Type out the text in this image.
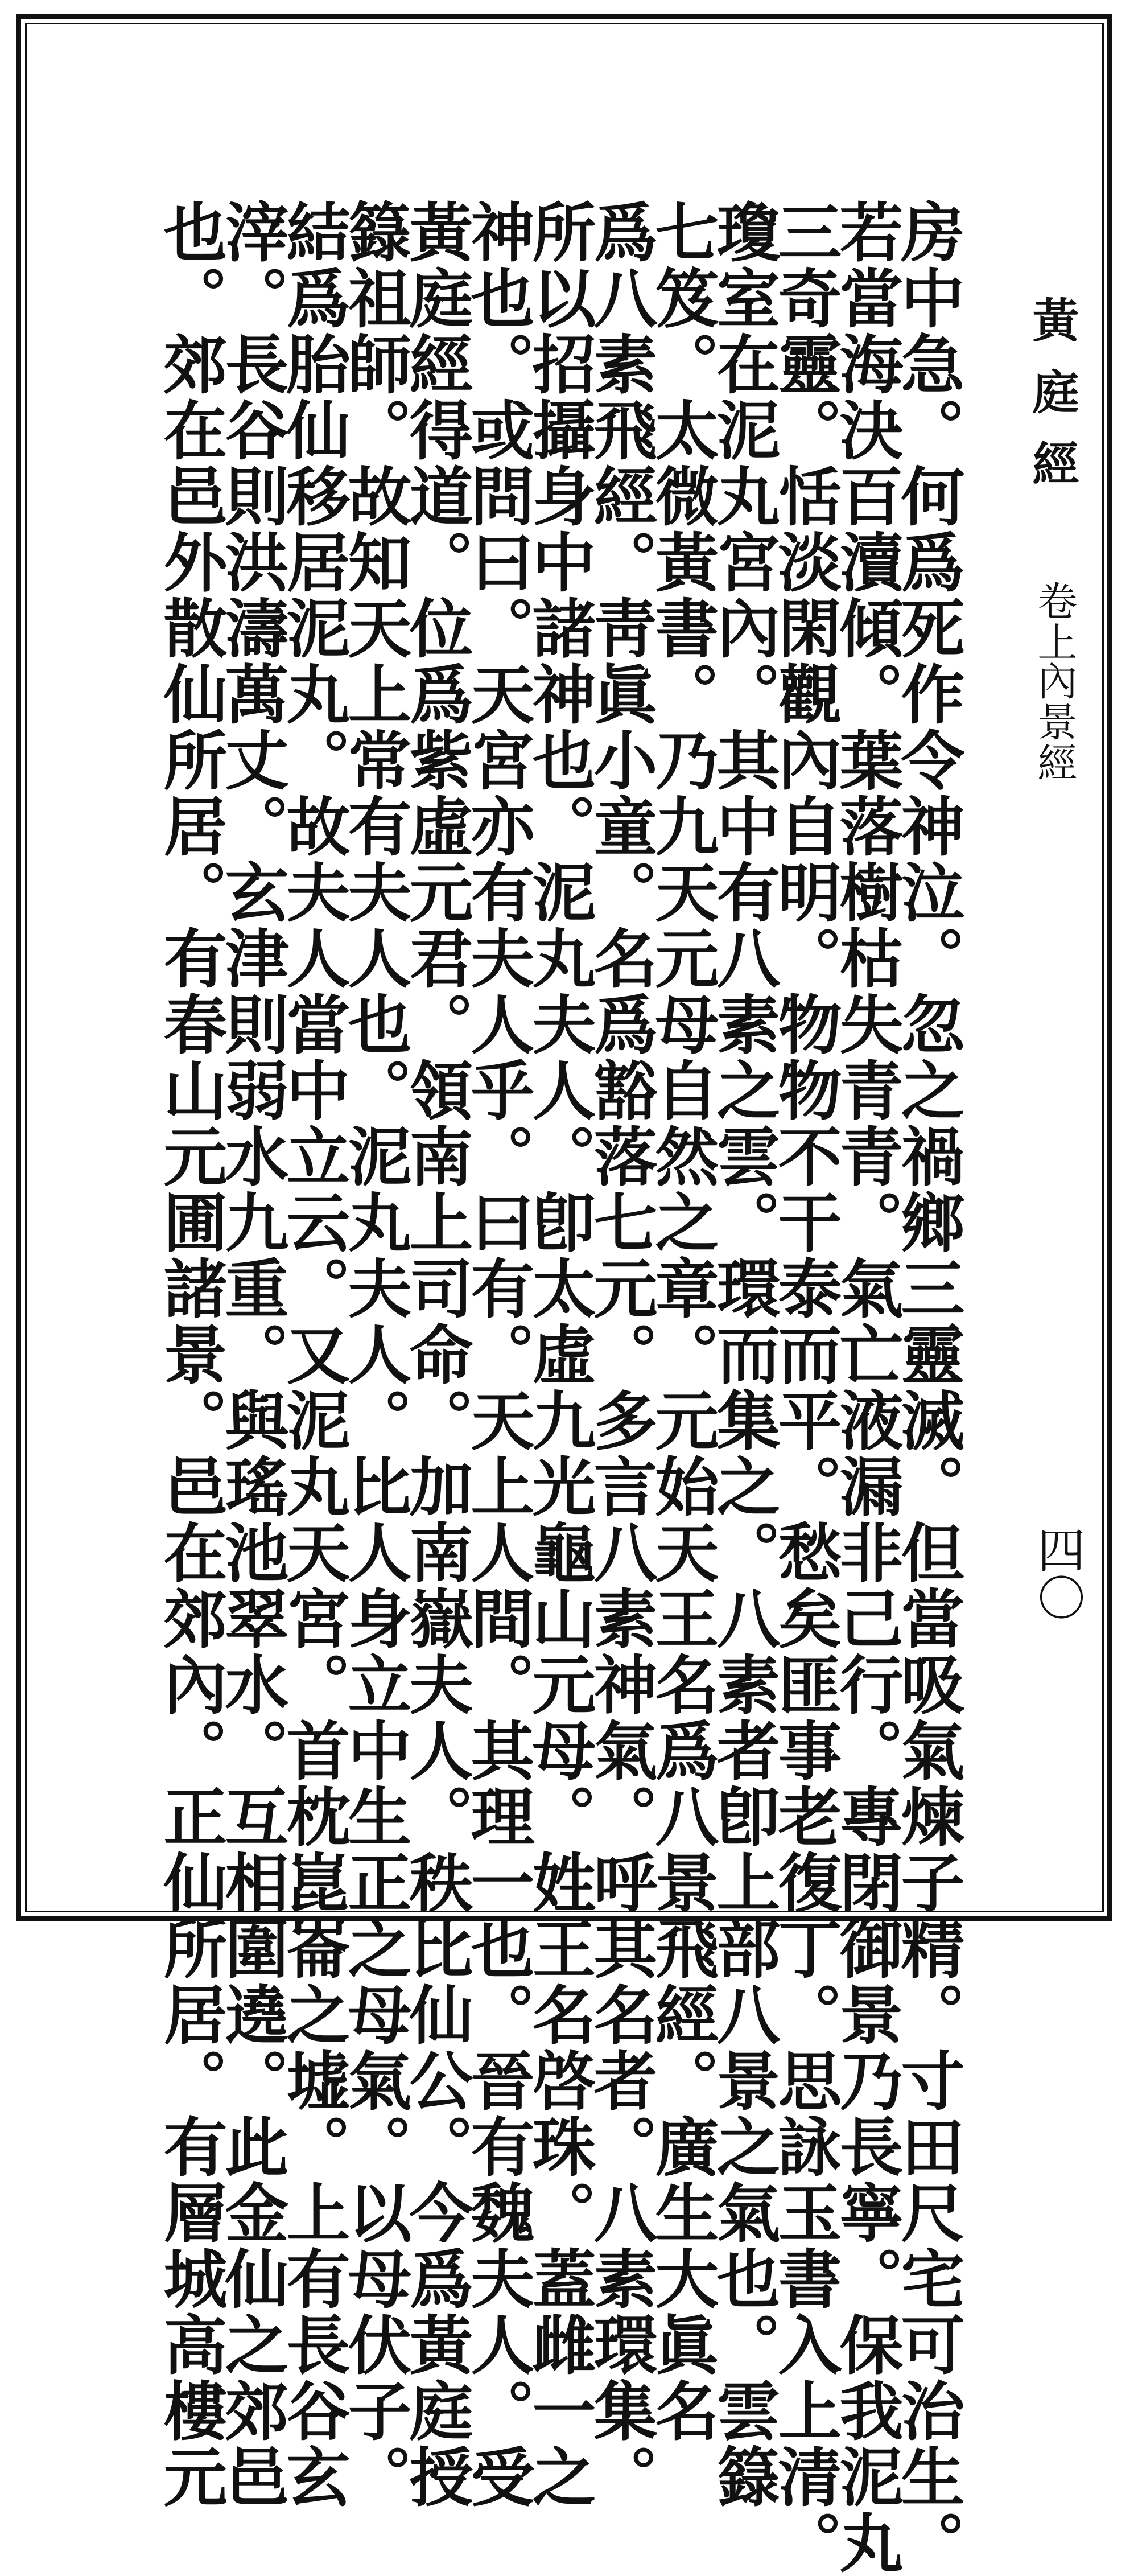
黃庭經
卷上
內景經
四〇
房中急。何爲死作令神泣。忽之禍鄉三靈滅。但當吸氣煉子精。寸田尺宅可治生。
若當海決百瀆傾。葉落樹枯失青青。氣亡液漏非己行。專閉御景乃長寧。保我泥丸
三奇靈。恬淡閑觀內自明。物物不干泰而平。愁矣匪事老復丁。思詠玉書入上清。
瓊室在泥丸宮內。其中有八素之雲。環而集之。八素者卽上部八景之氣也。雲籙
七笈。太微黃書。乃九天元母自然之章。元始天王名爲八景飛經。廣生大眞名
爲八素飛經。靑眞小童。名爲豁落七元。多言八素神氣。呼其名者。八素環集。
所以招攝身中諸神也。泥丸夫人。卽太虛九光龜山元母。姓王名啓珠。蓋雌一之
神也。或問曰。天宮亦有夫人乎。曰有。天上人間。其理一也。晉有魏夫人。受
黃庭經得道。位爲紫虛元君。領南上司命。加南嶽夫人。秩比仙公。今爲黃庭授
籙祖師。故知天上常有夫人也。泥丸夫人。比人身立中生正之母氣。以母伏子。
結爲胎仙移居泥丸。故夫人當中立云。又泥丸天宮。首枕崑崙之墟。上有長谷玄
滓。長谷則洪濤萬丈。玄津則弱水九重。與瑤池翠水。互相圍遶。此金仙之郊邑
也。郊在邑外散仙所居。有春山元圃諸景。邑在郊內。正仙所居。有層城高樓元
